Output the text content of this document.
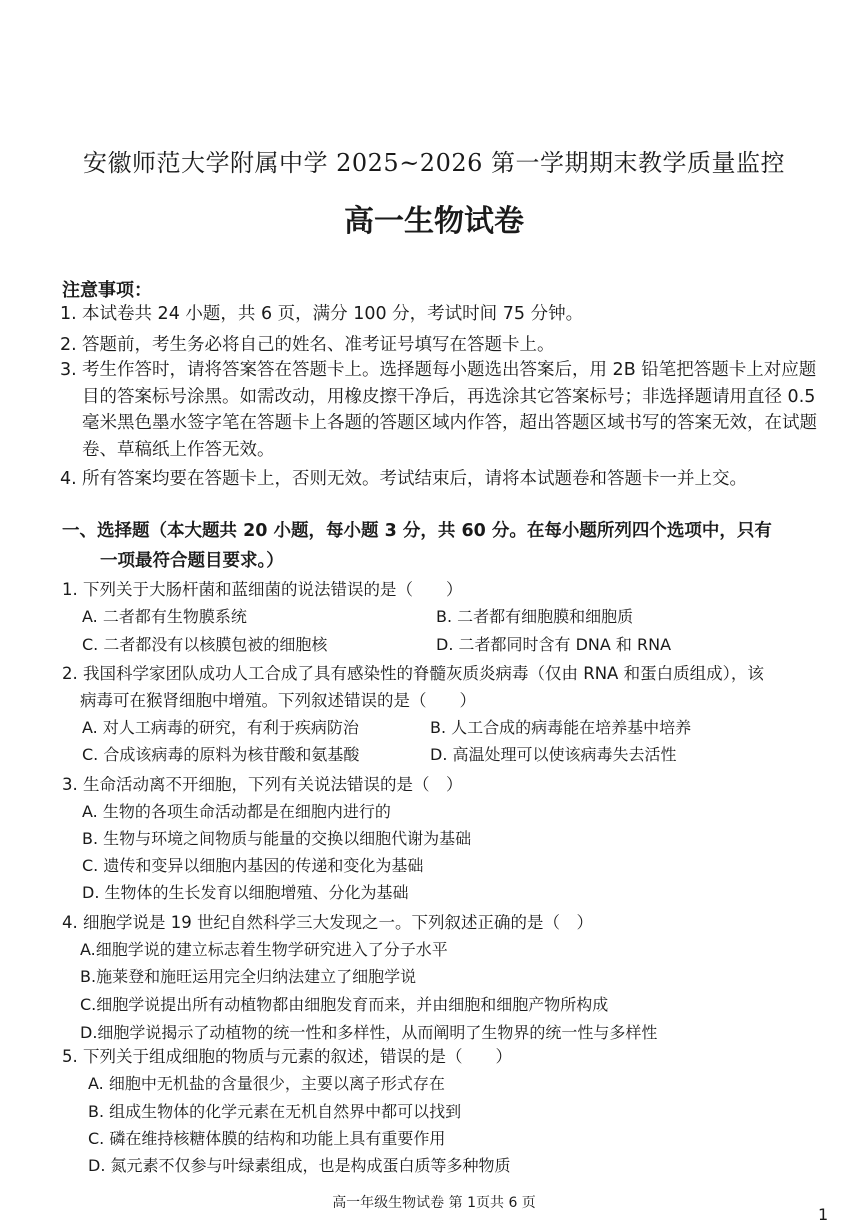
安徽师范大学附属中学 2025~2026 第一学期期末教学质量监控
高一生物试卷
注意事项：
1. 本试卷共 24 小题，共 6 页，满分 100 分，考试时间 75 分钟。
2. 答题前，考生务必将自己的姓名、准考证号填写在答题卡上。
3. 考生作答时，请将答案答在答题卡上。选择题每小题选出答案后，用 2B 铅笔把答题卡上对应题目的答案标号涂黑。如需改动，用橡皮擦干净后，再选涂其它答案标号；非选择题请用直径 0.5 毫米黑色墨水签字笔在答题卡上各题的答题区域内作答，超出答题区域书写的答案无效，在试题卷、草稿纸上作答无效。
4. 所有答案均要在答题卡上，否则无效。考试结束后，请将本试题卷和答题卡一并上交。
一、选择题（本大题共 20 小题，每小题 3 分，共 60 分。在每小题所列四个选项中，只有
一项最符合题目要求。）
1. 下列关于大肠杆菌和蓝细菌的说法错误的是（　　）
A. 二者都有生物膜系统	B. 二者都有细胞膜和细胞质
C. 二者都没有以核膜包被的细胞核	D. 二者都同时含有 DNA 和 RNA
2. 我国科学家团队成功人工合成了具有感染性的脊髓灰质炎病毒（仅由 RNA 和蛋白质组成），该
病毒可在猴肾细胞中增殖。下列叙述错误的是（　　）
A. 对人工病毒的研究，有利于疾病防治	B. 人工合成的病毒能在培养基中培养
C. 合成该病毒的原料为核苷酸和氨基酸	D. 高温处理可以使该病毒失去活性
3. 生命活动离不开细胞，下列有关说法错误的是（　）
A. 生物的各项生命活动都是在细胞内进行的
B. 生物与环境之间物质与能量的交换以细胞代谢为基础
C. 遗传和变异以细胞内基因的传递和变化为基础
D. 生物体的生长发育以细胞增殖、分化为基础
4. 细胞学说是 19 世纪自然科学三大发现之一。下列叙述正确的是（　）
A.细胞学说的建立标志着生物学研究进入了分子水平
B.施莱登和施旺运用完全归纳法建立了细胞学说
C.细胞学说提出所有动植物都由细胞发育而来，并由细胞和细胞产物所构成
D.细胞学说揭示了动植物的统一性和多样性，从而阐明了生物界的统一性与多样性
5. 下列关于组成细胞的物质与元素的叙述，错误的是（　　）
A. 细胞中无机盐的含量很少，主要以离子形式存在
B. 组成生物体的化学元素在无机自然界中都可以找到
C. 磷在维持核糖体膜的结构和功能上具有重要作用
D. 氮元素不仅参与叶绿素组成，也是构成蛋白质等多种物质
高一年级生物试卷 第 1页共 6 页
1
